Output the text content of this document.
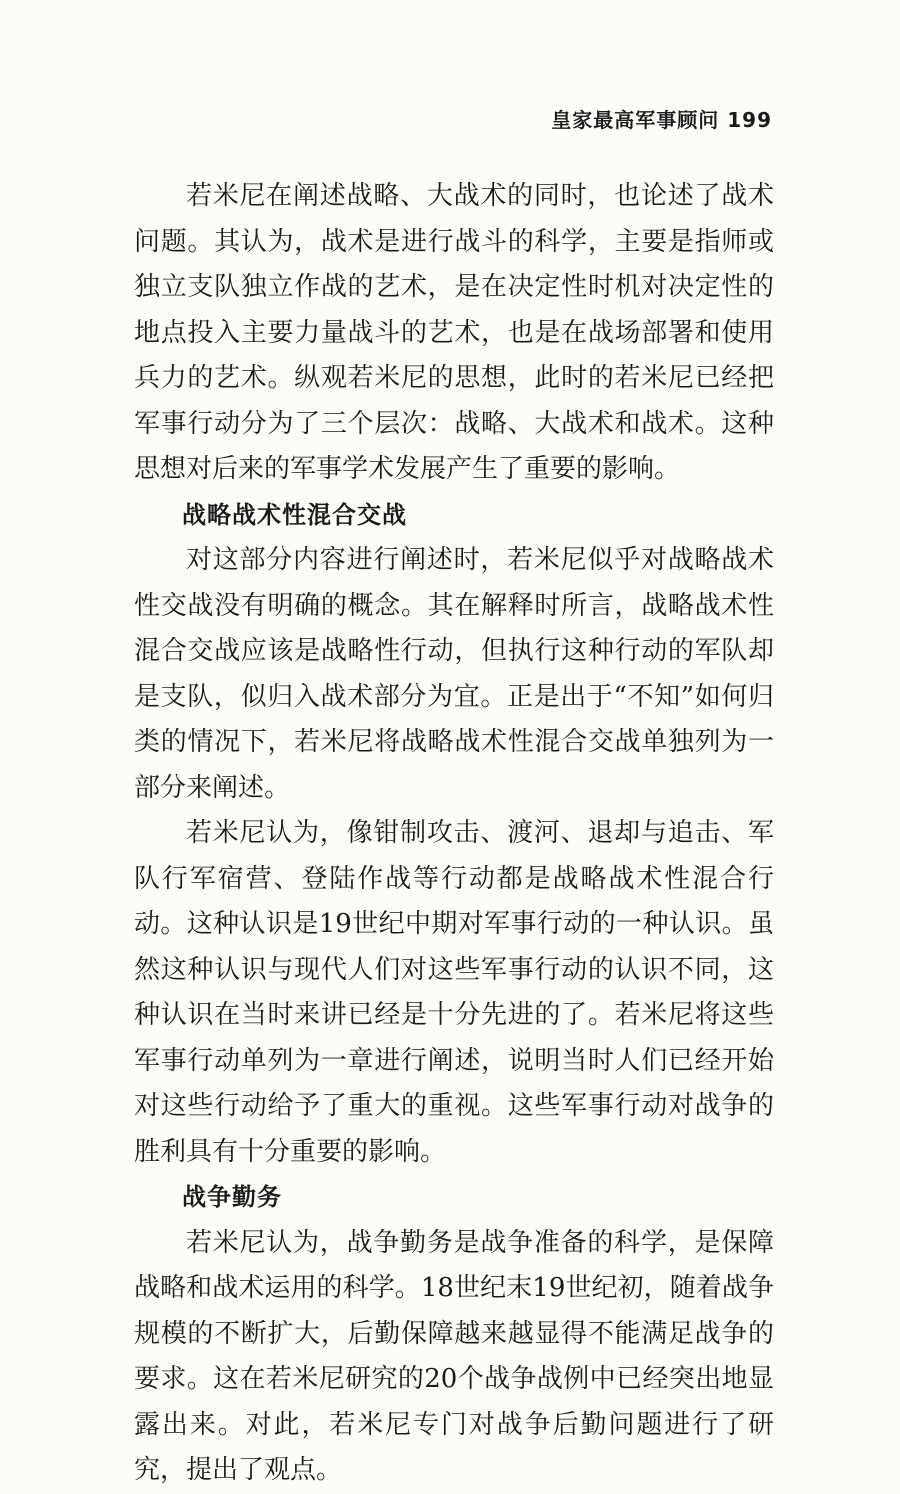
皇家最高军事顾问 199

若米尼在阐述战略、大战术的同时，也论述了战术问题。其认为，战术是进行战斗的科学，主要是指师或独立支队独立作战的艺术，是在决定性时机对决定性的地点投入主要力量战斗的艺术，也是在战场部署和使用兵力的艺术。纵观若米尼的思想，此时的若米尼已经把军事行动分为了三个层次：战略、大战术和战术。这种思想对后来的军事学术发展产生了重要的影响。

战略战术性混合交战

对这部分内容进行阐述时，若米尼似乎对战略战术性交战没有明确的概念。其在解释时所言，战略战术性混合交战应该是战略性行动，但执行这种行动的军队却是支队，似归入战术部分为宜。正是出于“不知”如何归类的情况下，若米尼将战略战术性混合交战单独列为一部分来阐述。

若米尼认为，像钳制攻击、渡河、退却与追击、军队行军宿营、登陆作战等行动都是战略战术性混合行动。这种认识是19世纪中期对军事行动的一种认识。虽然这种认识与现代人们对这些军事行动的认识不同，这种认识在当时来讲已经是十分先进的了。若米尼将这些军事行动单列为一章进行阐述，说明当时人们已经开始对这些行动给予了重大的重视。这些军事行动对战争的胜利具有十分重要的影响。

战争勤务

若米尼认为，战争勤务是战争准备的科学，是保障战略和战术运用的科学。18世纪末19世纪初，随着战争规模的不断扩大，后勤保障越来越显得不能满足战争的要求。这在若米尼研究的20个战争战例中已经突出地显露出来。对此，若米尼专门对战争后勤问题进行了研究，提出了观点。
